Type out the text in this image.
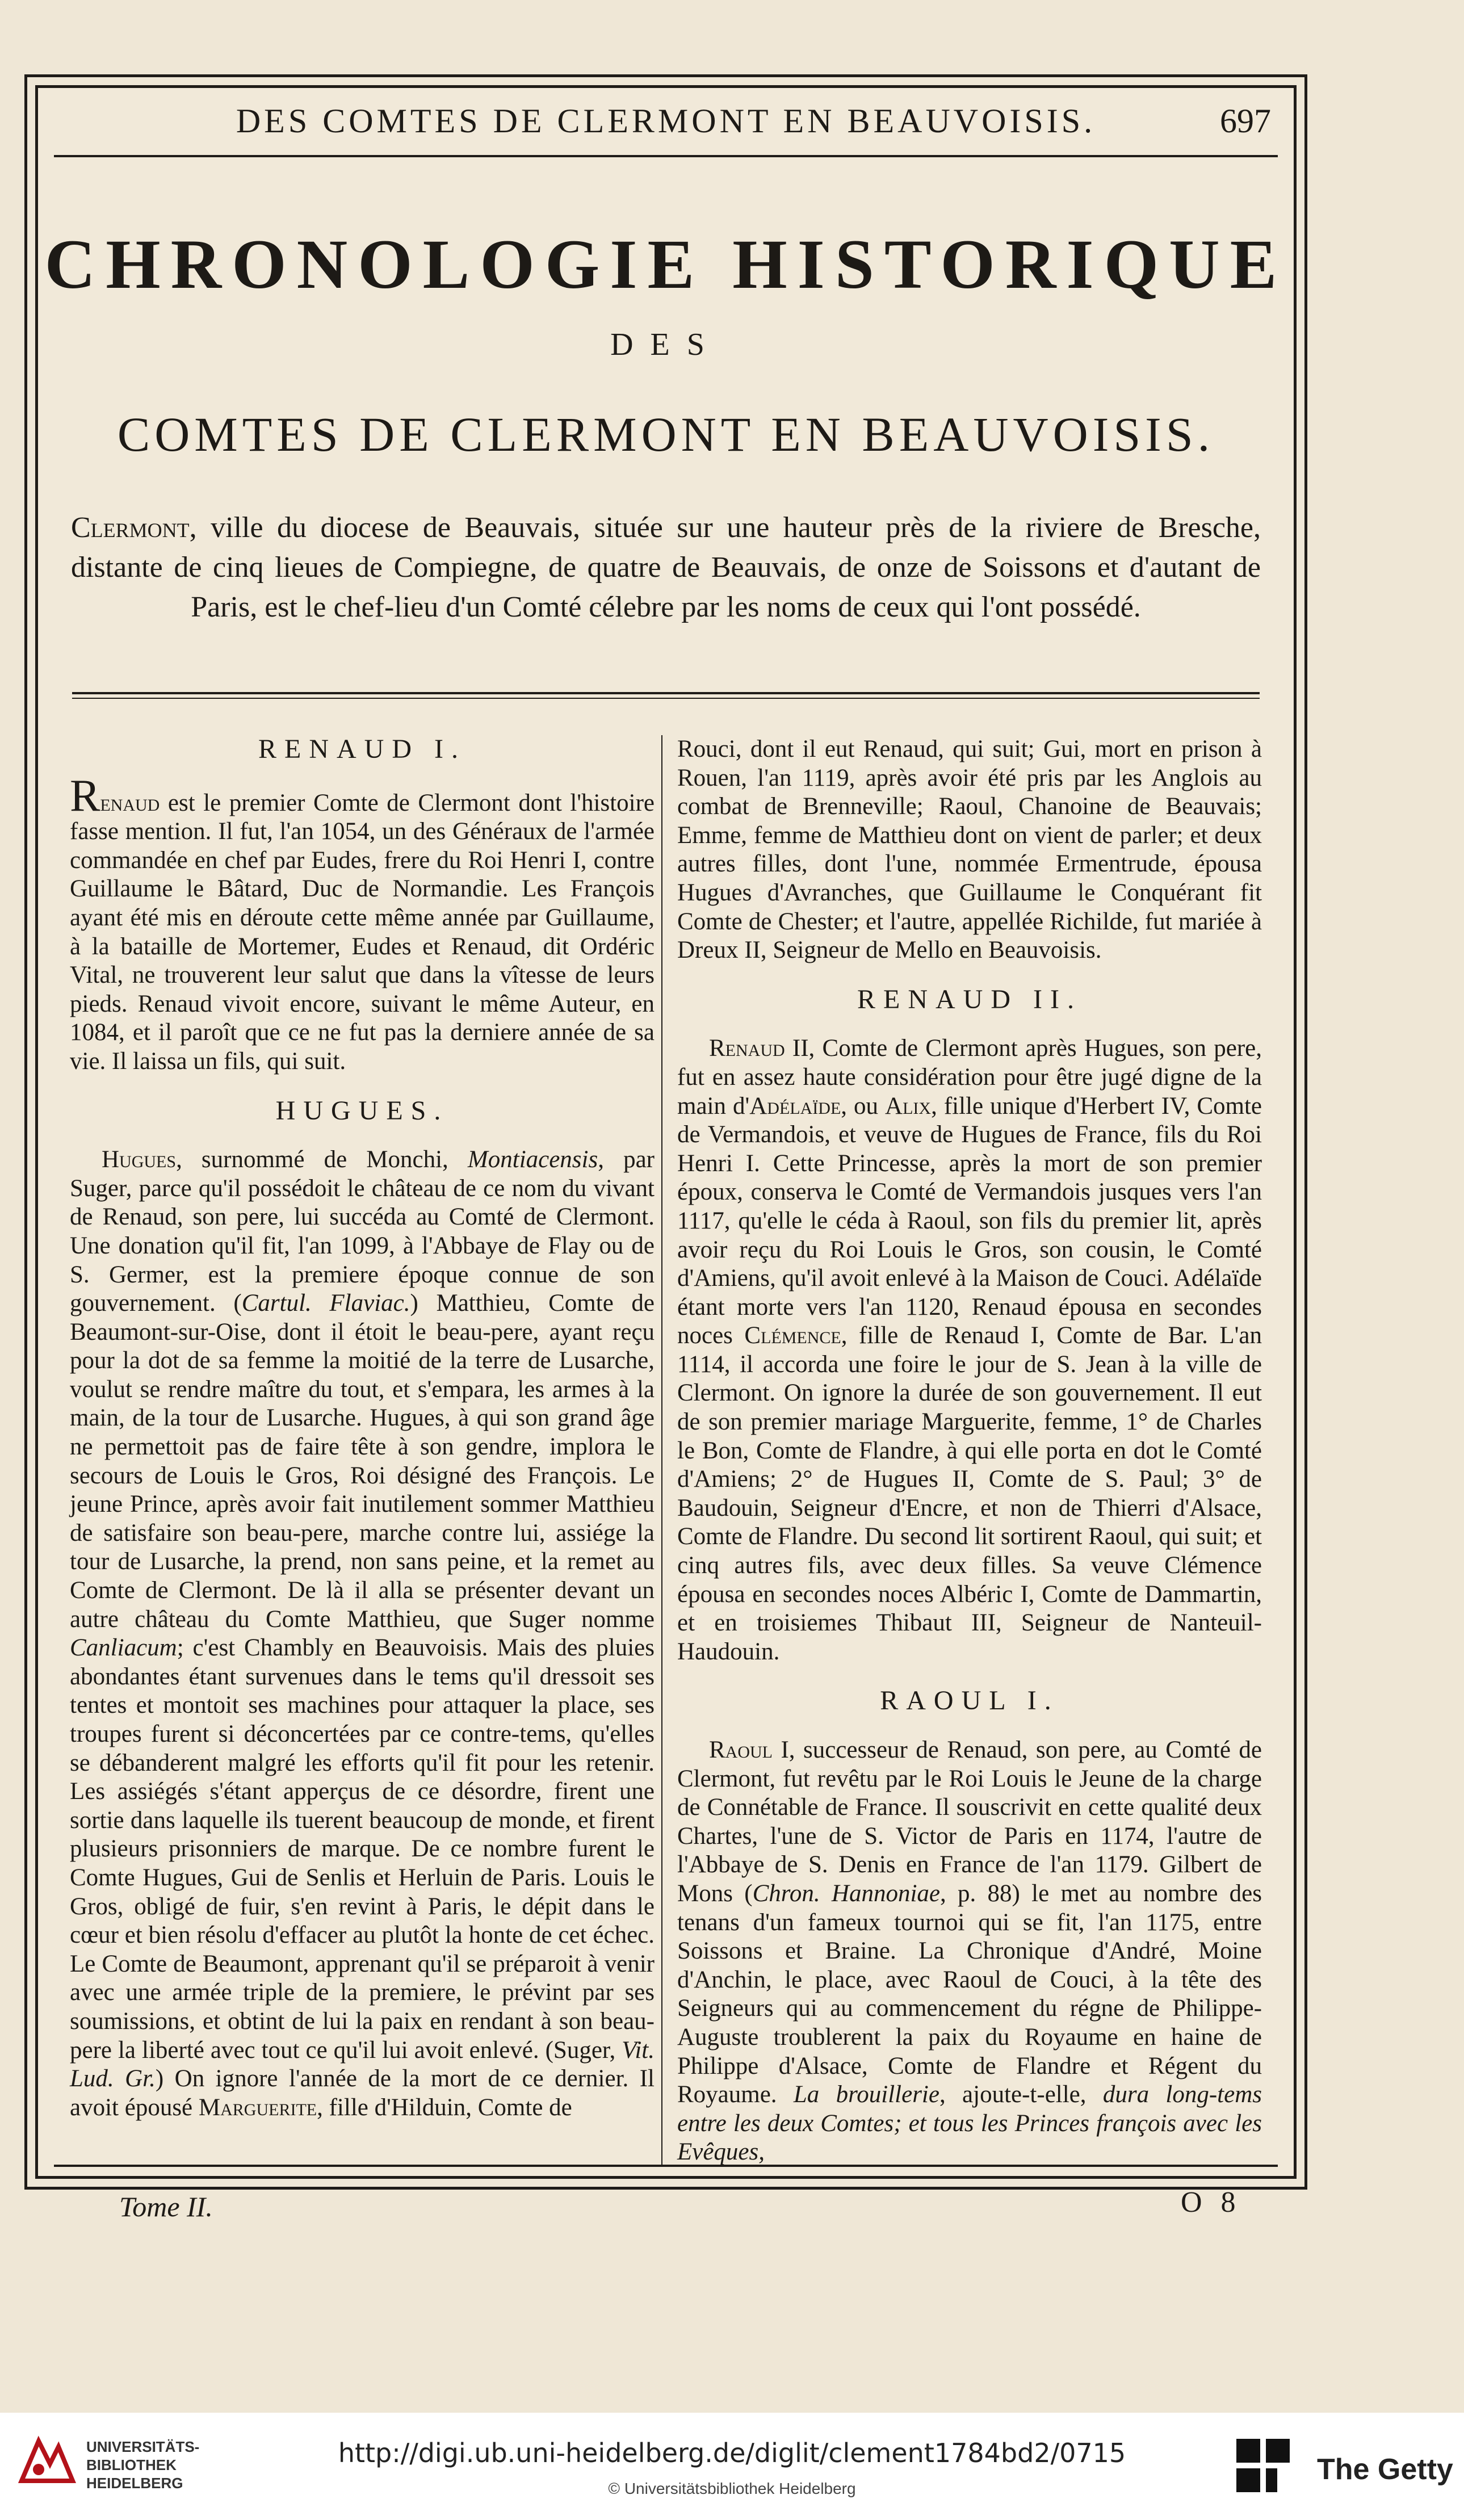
DES COMTES DE CLERMONT EN BEAUVOISIS.	697
CHRONOLOGIE HISTORIQUE
DES
COMTES DE CLERMONT EN BEAUVOISIS.
Clermont, ville du diocese de Beauvais, située sur une hauteur près de la riviere de Bresche, distante de cinq lieues de Compiegne, de quatre de Beauvais, de onze de Soissons et d'autant de Paris, est le chef-lieu d'un Comté célebre par les noms de ceux qui l'ont possédé.
RENAUD I.

Renaud est le premier Comte de Clermont dont l'histoire fasse mention. Il fut, l'an 1054, un des Généraux de l'armée commandée en chef par Eudes, frere du Roi Henri I, contre Guillaume le Bâtard, Duc de Normandie. Les François ayant été mis en déroute cette même année par Guillaume, à la bataille de Mortemer, Eudes et Renaud, dit Ordéric Vital, ne trouverent leur salut que dans la vîtesse de leurs pieds. Renaud vivoit encore, suivant le même Auteur, en 1084, et il paroît que ce ne fut pas la derniere année de sa vie. Il laissa un fils, qui suit.

HUGUES.

Hugues, surnommé de Monchi, Montiacensis, par Suger, parce qu'il possédoit le château de ce nom du vivant de Renaud, son pere, lui succéda au Comté de Clermont. Une donation qu'il fit, l'an 1099, à l'Abbaye de Flay ou de S. Germer, est la premiere époque connue de son gouvernement. (Cartul. Flaviac.) Matthieu, Comte de Beaumont-sur-Oise, dont il étoit le beau-pere, ayant reçu pour la dot de sa femme la moitié de la terre de Lusarche, voulut se rendre maître du tout, et s'empara, les armes à la main, de la tour de Lusarche. Hugues, à qui son grand âge ne permettoit pas de faire tête à son gendre, implora le secours de Louis le Gros, Roi désigné des François. Le jeune Prince, après avoir fait inutilement sommer Matthieu de satisfaire son beau-pere, marche contre lui, assiége la tour de Lusarche, la prend, non sans peine, et la remet au Comte de Clermont. De là il alla se présenter devant un autre château du Comte Matthieu, que Suger nomme Canliacum; c'est Chambly en Beauvoisis. Mais des pluies abondantes étant survenues dans le tems qu'il dressoit ses tentes et montoit ses machines pour attaquer la place, ses troupes furent si déconcertées par ce contre-tems, qu'elles se débanderent malgré les efforts qu'il fit pour les retenir. Les assiégés s'étant apperçus de ce désordre, firent une sortie dans laquelle ils tuerent beaucoup de monde, et firent plusieurs prisonniers de marque. De ce nombre furent le Comte Hugues, Gui de Senlis et Herluin de Paris. Louis le Gros, obligé de fuir, s'en revint à Paris, le dépit dans le cœur et bien résolu d'effacer au plutôt la honte de cet échec. Le Comte de Beaumont, apprenant qu'il se préparoit à venir avec une armée triple de la premiere, le prévint par ses soumissions, et obtint de lui la paix en rendant à son beau-pere la liberté avec tout ce qu'il lui avoit enlevé. (Suger, Vit. Lud. Gr.) On ignore l'année de la mort de ce dernier. Il avoit épousé Marguerite, fille d'Hilduin, Comte de

Rouci, dont il eut Renaud, qui suit; Gui, mort en prison à Rouen, l'an 1119, après avoir été pris par les Anglois au combat de Brenneville; Raoul, Chanoine de Beauvais; Emme, femme de Matthieu dont on vient de parler; et deux autres filles, dont l'une, nommée Ermentrude, épousa Hugues d'Avranches, que Guillaume le Conquérant fit Comte de Chester; et l'autre, appellée Richilde, fut mariée à Dreux II, Seigneur de Mello en Beauvoisis.

RENAUD II.

Renaud II, Comte de Clermont après Hugues, son pere, fut en assez haute considération pour être jugé digne de la main d'Adélaïde, ou Alix, fille unique d'Herbert IV, Comte de Vermandois, et veuve de Hugues de France, fils du Roi Henri I. Cette Princesse, après la mort de son premier époux, conserva le Comté de Vermandois jusques vers l'an 1117, qu'elle le céda à Raoul, son fils du premier lit, après avoir reçu du Roi Louis le Gros, son cousin, le Comté d'Amiens, qu'il avoit enlevé à la Maison de Couci. Adélaïde étant morte vers l'an 1120, Renaud épousa en secondes noces Clémence, fille de Renaud I, Comte de Bar. L'an 1114, il accorda une foire le jour de S. Jean à la ville de Clermont. On ignore la durée de son gouvernement. Il eut de son premier mariage Marguerite, femme, 1° de Charles le Bon, Comte de Flandre, à qui elle porta en dot le Comté d'Amiens; 2° de Hugues II, Comte de S. Paul; 3° de Baudouin, Seigneur d'Encre, et non de Thierri d'Alsace, Comte de Flandre. Du second lit sortirent Raoul, qui suit; et cinq autres fils, avec deux filles. Sa veuve Clémence épousa en secondes noces Albéric I, Comte de Dammartin, et en troisiemes Thibaut III, Seigneur de Nanteuil-Haudouin.

RAOUL I.

Raoul I, successeur de Renaud, son pere, au Comté de Clermont, fut revêtu par le Roi Louis le Jeune de la charge de Connétable de France. Il souscrivit en cette qualité deux Chartes, l'une de S. Victor de Paris en 1174, l'autre de l'Abbaye de S. Denis en France de l'an 1179. Gilbert de Mons (Chron. Hannoniae, p. 88) le met au nombre des tenans d'un fameux tournoi qui se fit, l'an 1175, entre Soissons et Braine. La Chronique d'André, Moine d'Anchin, le place, avec Raoul de Couci, à la tête des Seigneurs qui au commencement du régne de Philippe-Auguste troublerent la paix du Royaume en haine de Philippe d'Alsace, Comte de Flandre et Régent du Royaume. La brouillerie, ajoute-t-elle, dura long-tems entre les deux Comtes; et tous les Princes françois avec les Evêques,

Tome II.	O 8
UNIVERSITÄTS-
BIBLIOTHEK
HEIDELBERG
http://digi.ub.uni-heidelberg.de/diglit/clement1784bd2/0715
© Universitätsbibliothek Heidelberg
The Getty
